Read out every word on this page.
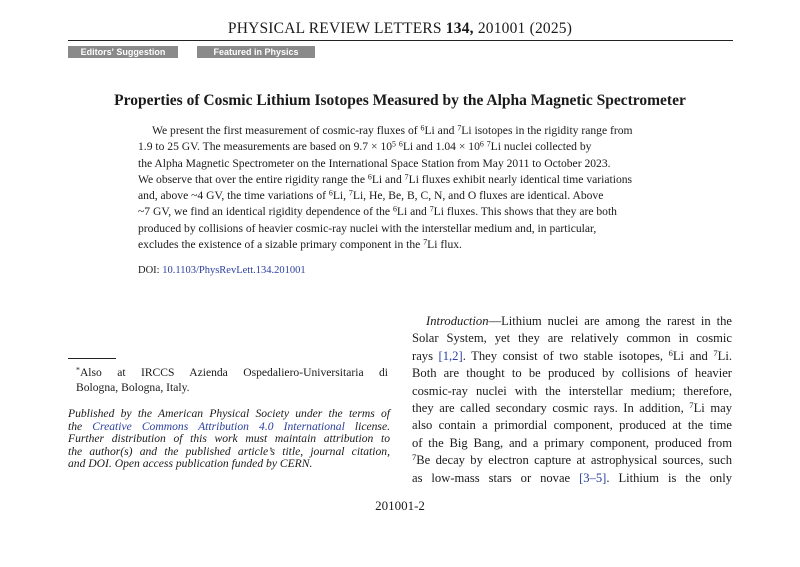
PHYSICAL REVIEW LETTERS 134, 201001 (2025)
Editors' Suggestion	Featured in Physics
Properties of Cosmic Lithium Isotopes Measured by the Alpha Magnetic Spectrometer
We present the first measurement of cosmic-ray fluxes of $^6$Li and $^7$Li isotopes in the rigidity range from
1.9 to 25 GV. The measurements are based on $9.7 \times 10^5$ $^6$Li and $1.04 \times 10^6$ $^7$Li nuclei collected by
the Alpha Magnetic Spectrometer on the International Space Station from May 2011 to October 2023.
We observe that over the entire rigidity range the $^6$Li and $^7$Li fluxes exhibit nearly identical time variations
and, above ~4 GV, the time variations of $^6$Li, $^7$Li, He, Be, B, C, N, and O fluxes are identical. Above
~7 GV, we find an identical rigidity dependence of the $^6$Li and $^7$Li fluxes. This shows that they are both
produced by collisions of heavier cosmic-ray nuclei with the interstellar medium and, in particular,
excludes the existence of a sizable primary component in the $^7$Li flux.
DOI: 10.1103/PhysRevLett.134.201001
Introduction—Lithium nuclei are among the rarest in the
Solar System, yet they are relatively common in cosmic
rays [1,2]. They consist of two stable isotopes, $^6$Li and $^7$Li.
Both are thought to be produced by collisions of heavier
cosmic-ray nuclei with the interstellar medium; therefore,
they are called secondary cosmic rays. In addition, $^7$Li may
also contain a primordial component, produced at the time
of the Big Bang, and a primary component, produced from
$^7$Be decay by electron capture at astrophysical sources, such
as low-mass stars or novae [3–5]. Lithium is the only
*Also at IRCCS Azienda Ospedaliero-Universitaria di
Bologna, Bologna, Italy.
Published by the American Physical Society under the terms of
the Creative Commons Attribution 4.0 International license.
Further distribution of this work must maintain attribution to
the author(s) and the published article’s title, journal citation,
and DOI. Open access publication funded by CERN.
201001-2
